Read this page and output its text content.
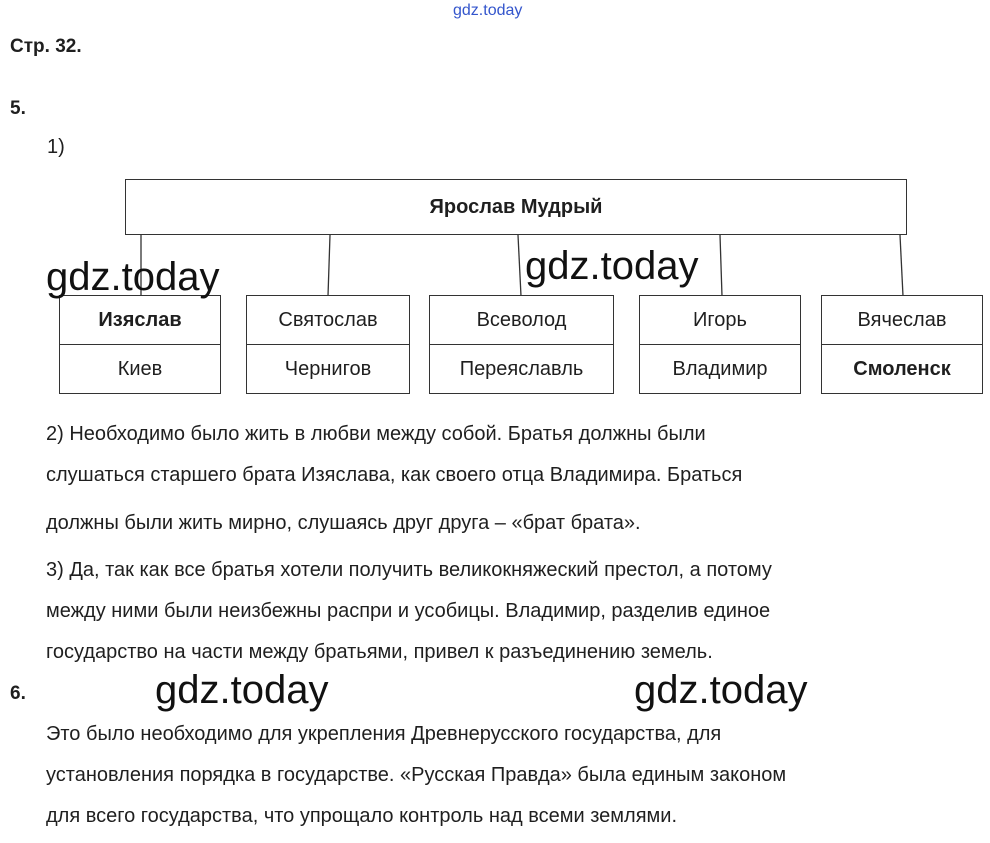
gdz.today
Стр. 32.
5.
1)
Ярослав Мудрый
Изяслав
Киев
Святослав
Чернигов
Всеволод
Переяславль
Игорь
Владимир
Вячеслав
Смоленск
gdz.today	gdz.today
2) Необходимо было жить в любви между собой. Братья должны были
слушаться старшего брата Изяслава, как своего отца Владимира. Браться
должны были жить мирно, слушаясь друг друга – «брат брата».
3) Да, так как все братья хотели получить великокняжеский престол, а потому
между ними были неизбежны распри и усобицы. Владимир, разделив единое
государство на части между братьями, привел к разъединению земель.
6.	gdz.today	gdz.today
Это было необходимо для укрепления Древнерусского государства, для
установления порядка в государстве. «Русская Правда» была единым законом
для всего государства, что упрощало контроль над всеми землями.
